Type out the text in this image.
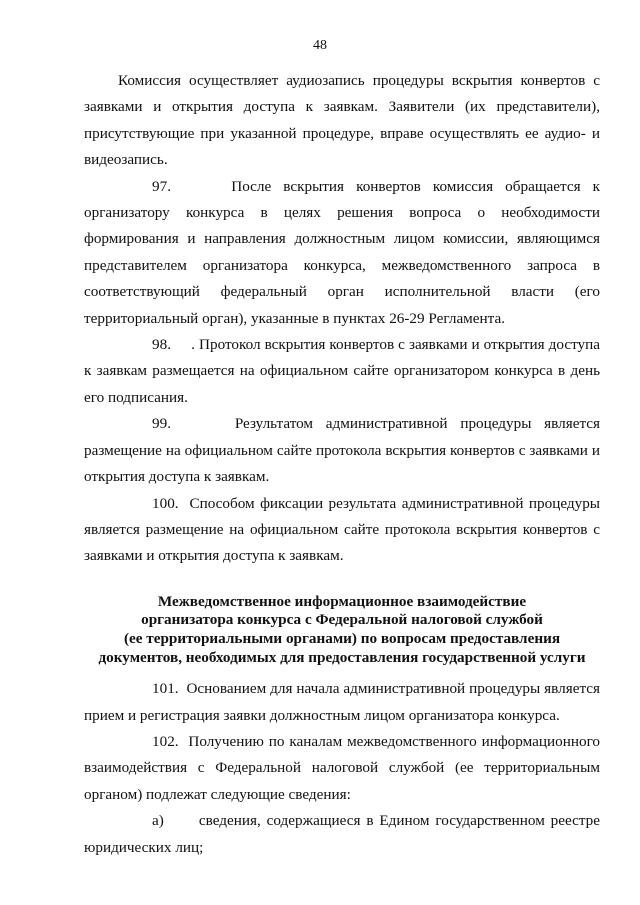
48

Комиссия осуществляет аудиозапись процедуры вскрытия конвертов с заявками и открытия доступа к заявкам. Заявители (их представители), присутствующие при указанной процедуре, вправе осуществлять ее аудио- и видеозапись.

97.	После вскрытия конвертов комиссия обращается к организатору конкурса в целях решения вопроса о необходимости формирования и направления должностным лицом комиссии, являющимся представителем организатора конкурса, межведомственного запроса в соответствующий федеральный орган исполнительной власти (его территориальный орган), указанные в пунктах 26-29 Регламента.

98. . Протокол вскрытия конвертов с заявками и открытия доступа к заявкам размещается на официальном сайте организатором конкурса в день его подписания.

99.	Результатом административной процедуры является размещение на официальном сайте протокола вскрытия конвертов с заявками и открытия доступа к заявкам.

100. Способом фиксации результата административной процедуры является размещение на официальном сайте протокола вскрытия конвертов с заявками и открытия доступа к заявкам.

Межведомственное информационное взаимодействие
организатора конкурса с Федеральной налоговой службой
(ее территориальными органами) по вопросам предоставления
документов, необходимых для предоставления государственной услуги

101. Основанием для начала административной процедуры является прием и регистрация заявки должностным лицом организатора конкурса.

102. Получению по каналам межведомственного информационного взаимодействия с Федеральной налоговой службой (ее территориальным органом) подлежат следующие сведения:

а) сведения, содержащиеся в Едином государственном реестре юридических лиц;
